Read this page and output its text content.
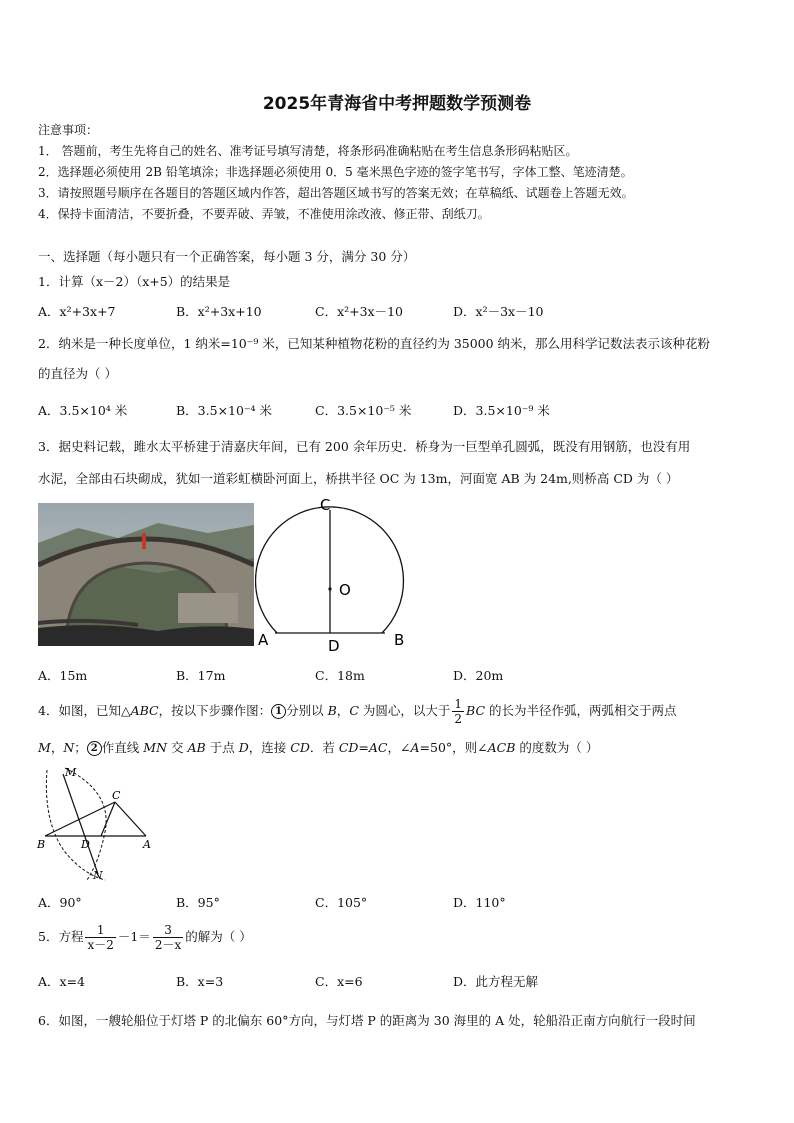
2025年青海省中考押题数学预测卷
注意事项：
1． 答题前，考生先将自己的姓名、准考证号填写清楚，将条形码准确粘贴在考生信息条形码粘贴区。
2．选择题必须使用 2B 铅笔填涂；非选择题必须使用 0．5 毫米黑色字迹的签字笔书写，字体工整、笔迹清楚。
3．请按照题号顺序在各题目的答题区域内作答，超出答题区域书写的答案无效；在草稿纸、试题卷上答题无效。
4．保持卡面清洁，不要折叠，不要弄破、弄皱，不准使用涂改液、修正带、刮纸刀。
一、选择题（每小题只有一个正确答案，每小题 3 分，满分 30 分）
1．计算（x－2）（x+5）的结果是
A．x²+3x+7	B．x²+3x+10	C．x²+3x－10	D．x²－3x－10
2．纳米是一种长度单位，1 纳米=10⁻⁹ 米，已知某种植物花粉的直径约为 35000 纳米，那么用科学记数法表示该种花粉
的直径为（ ）
A．3.5×10⁴ 米	B．3.5×10⁻⁴ 米	C．3.5×10⁻⁵ 米	D．3.5×10⁻⁹ 米
3．据史料记载，雎水太平桥建于清嘉庆年间，已有 200 余年历史．桥身为一巨型单孔圆弧，既没有用钢筋，也没有用
水泥，全部由石块砌成，犹如一道彩虹横卧河面上，桥拱半径 OC 为 13m，河面宽 AB 为 24m,则桥高 CD 为（ ）
C
O
A	D	B
A．15m	B．17m	C．18m	D．20m
4．如图，已知△ABC，按以下步骤作图： 1 分别以 B，C 为圆心，以大于 $\frac{1}{2}$ BC 的长为半径作弧，两弧相交于两点
M，N； 2 作直线 MN 交 AB 于点 D，连接 CD．若 CD=AC，∠A=50°，则∠ACB 的度数为（ ）
M
C
B	D	A
N
A．90°	B．95°	C．105°	D．110°
5．方程 $\frac{1}{x-2} -1= \frac{3}{2-x}$ 的解为（ ）
A．x=4	B．x=3	C．x=6	D．此方程无解
6．如图，一艘轮船位于灯塔 P 的北偏东 60°方向，与灯塔 P 的距离为 30 海里的 A 处，轮船沿正南方向航行一段时间
